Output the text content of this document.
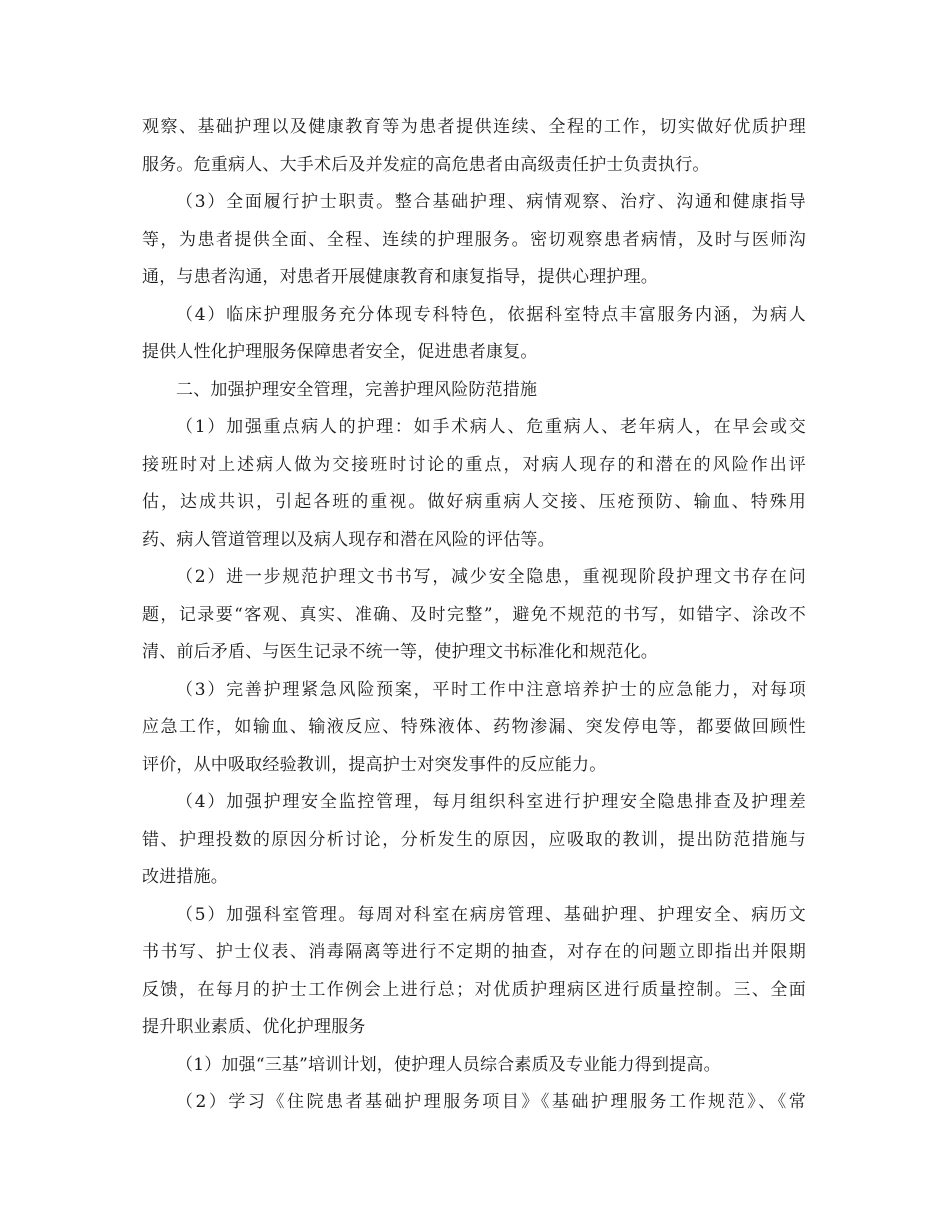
观察、基础护理以及健康教育等为患者提供连续、全程的工作，切实做好优质护理
服务。危重病人、大手术后及并发症的高危患者由高级责任护士负责执行。
（3）全面履行护士职责。整合基础护理、病情观察、治疗、沟通和健康指导
等，为患者提供全面、全程、连续的护理服务。密切观察患者病情，及时与医师沟
通，与患者沟通，对患者开展健康教育和康复指导，提供心理护理。
（4）临床护理服务充分体现专科特色，依据科室特点丰富服务内涵，为病人
提供人性化护理服务保障患者安全，促进患者康复。
二、加强护理安全管理，完善护理风险防范措施
（1）加强重点病人的护理：如手术病人、危重病人、老年病人，在早会或交
接班时对上述病人做为交接班时讨论的重点，对病人现存的和潜在的风险作出评
估，达成共识，引起各班的重视。做好病重病人交接、压疮预防、输血、特殊用
药、病人管道管理以及病人现存和潜在风险的评估等。
（2）进一步规范护理文书书写，减少安全隐患，重视现阶段护理文书存在问
题，记录要“客观、真实、准确、及时完整”，避免不规范的书写，如错字、涂改不
清、前后矛盾、与医生记录不统一等，使护理文书标准化和规范化。
（3）完善护理紧急风险预案，平时工作中注意培养护士的应急能力，对每项
应急工作，如输血、输液反应、特殊液体、药物渗漏、突发停电等，都要做回顾性
评价，从中吸取经验教训，提高护士对突发事件的反应能力。
（4）加强护理安全监控管理，每月组织科室进行护理安全隐患排查及护理差
错、护理投数的原因分析讨论，分析发生的原因，应吸取的教训，提出防范措施与
改进措施。
（5）加强科室管理。每周对科室在病房管理、基础护理、护理安全、病历文
书书写、护士仪表、消毒隔离等进行不定期的抽查，对存在的问题立即指出并限期
反馈，在每月的护士工作例会上进行总；对优质护理病区进行质量控制。三、全面
提升职业素质、优化护理服务
（1）加强“三基”培训计划，使护理人员综合素质及专业能力得到提高。
（2）学习《住院患者基础护理服务项目》《基础护理服务工作规范》、《常
